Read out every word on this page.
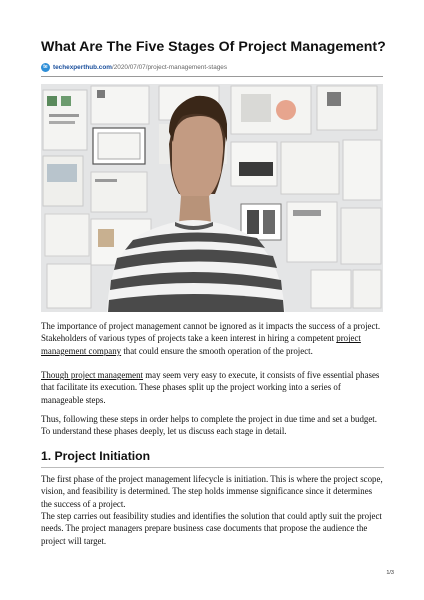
What Are The Five Stages Of Project Management?
te techexperthub.com/2020/07/07/project-management-stages

The importance of project management cannot be ignored as it impacts the success of a project. Stakeholders of various types of projects take a keen interest in hiring a competent project management company that could ensure the smooth operation of the project.

Though project management may seem very easy to execute, it consists of five essential phases that facilitate its execution. These phases split up the project working into a series of manageable steps.

Thus, following these steps in order helps to complete the project in due time and set a budget. To understand these phases deeply, let us discuss each stage in detail.

1. Project Initiation

The first phase of the project management lifecycle is initiation. This is where the project scope, vision, and feasibility is determined. The step holds immense significance since it determines the success of a project.

The step carries out feasibility studies and identifies the solution that could aptly suit the project needs. The project managers prepare business case documents that propose the audience the project will target.

1/3
